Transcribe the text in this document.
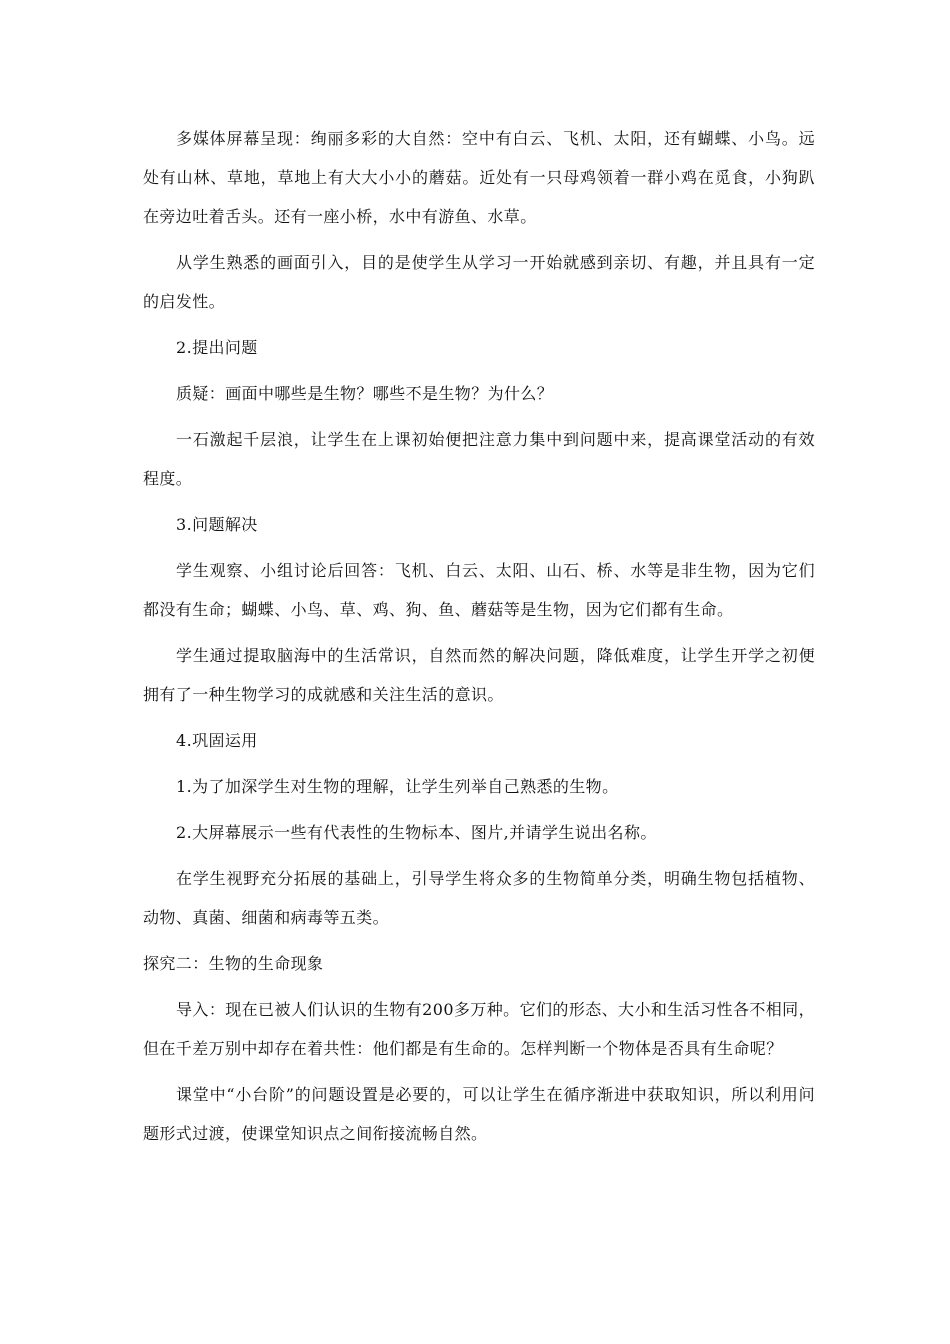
多媒体屏幕呈现：绚丽多彩的大自然：空中有白云、飞机、太阳，还有蝴蝶、小鸟。远处有山林、草地，草地上有大大小小的蘑菇。近处有一只母鸡领着一群小鸡在觅食，小狗趴在旁边吐着舌头。还有一座小桥，水中有游鱼、水草。

从学生熟悉的画面引入，目的是使学生从学习一开始就感到亲切、有趣，并且具有一定的启发性。

2.提出问题

质疑：画面中哪些是生物？哪些不是生物？为什么？

一石激起千层浪，让学生在上课初始便把注意力集中到问题中来，提高课堂活动的有效程度。

3.问题解决

学生观察、小组讨论后回答：飞机、白云、太阳、山石、桥、水等是非生物，因为它们都没有生命；蝴蝶、小鸟、草、鸡、狗、鱼、蘑菇等是生物，因为它们都有生命。

学生通过提取脑海中的生活常识，自然而然的解决问题，降低难度，让学生开学之初便拥有了一种生物学习的成就感和关注生活的意识。

4.巩固运用

1.为了加深学生对生物的理解，让学生列举自己熟悉的生物。

2.大屏幕展示一些有代表性的生物标本、图片,并请学生说出名称。

在学生视野充分拓展的基础上，引导学生将众多的生物简单分类，明确生物包括植物、动物、真菌、细菌和病毒等五类。

探究二：生物的生命现象

导入：现在已被人们认识的生物有200多万种。它们的形态、大小和生活习性各不相同，但在千差万别中却存在着共性：他们都是有生命的。怎样判断一个物体是否具有生命呢？

课堂中“小台阶”的问题设置是必要的，可以让学生在循序渐进中获取知识，所以利用问题形式过渡，使课堂知识点之间衔接流畅自然。
